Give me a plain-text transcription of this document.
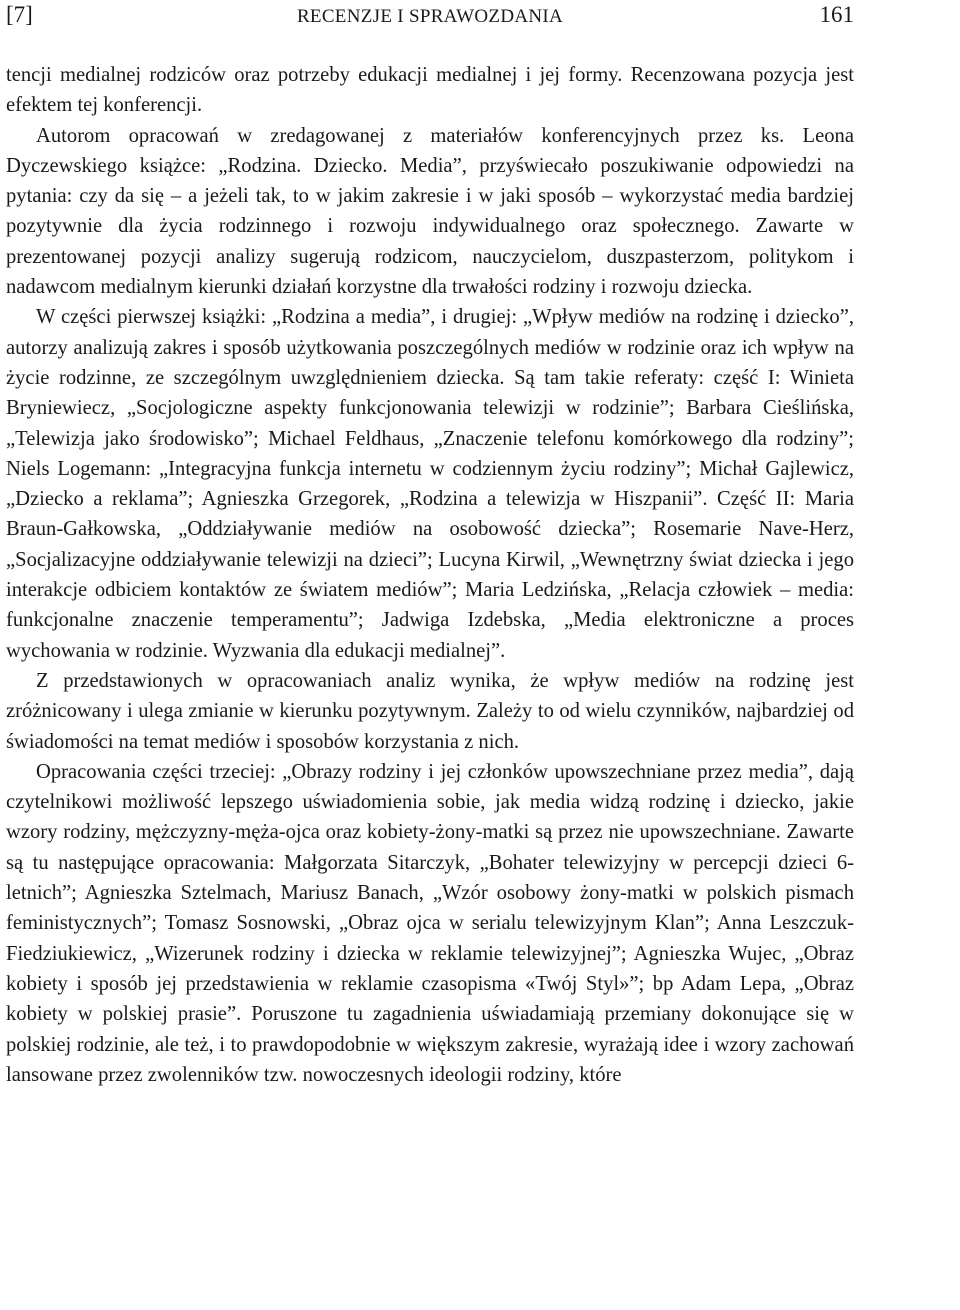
[7]	RECENZJE I SPRAWOZDANIA	161

tencji medialnej rodziców oraz potrzeby edukacji medialnej i jej formy. Recenzowana pozycja jest efektem tej konferencji.

Autorom opracowań w zredagowanej z materiałów konferencyjnych przez ks. Leona Dyczewskiego książce: „Rodzina. Dziecko. Media”, przyświecało poszukiwanie odpowiedzi na pytania: czy da się – a jeżeli tak, to w jakim zakresie i w jaki sposób – wykorzystać media bardziej pozytywnie dla życia rodzinnego i rozwoju indywidualnego oraz społecznego. Zawarte w prezentowanej pozycji analizy sugerują rodzicom, nauczycielom, duszpasterzom, politykom i nadawcom medialnym kierunki działań korzystne dla trwałości rodziny i rozwoju dziecka.

W części pierwszej książki: „Rodzina a media”, i drugiej: „Wpływ mediów na rodzinę i dziecko”, autorzy analizują zakres i sposób użytkowania poszczególnych mediów w rodzinie oraz ich wpływ na życie rodzinne, ze szczególnym uwzględnieniem dziecka. Są tam takie referaty: część I: Winieta Bryniewiecz, „Socjologiczne aspekty funkcjonowania telewizji w rodzinie”; Barbara Cieślińska, „Telewizja jako środowisko”; Michael Feldhaus, „Znaczenie telefonu komórkowego dla rodziny”; Niels Logemann: „Integracyjna funkcja internetu w codziennym życiu rodziny”; Michał Gajlewicz, „Dziecko a reklama”; Agnieszka Grzegorek, „Rodzina a telewizja w Hiszpanii”. Część II: Maria Braun-Gałkowska, „Oddziaływanie mediów na osobowość dziecka”; Rosemarie Nave-Herz, „Socjalizacyjne oddziaływanie telewizji na dzieci”; Lucyna Kirwil, „Wewnętrzny świat dziecka i jego interakcje odbiciem kontaktów ze światem mediów”; Maria Ledzińska, „Relacja człowiek – media: funkcjonalne znaczenie temperamentu”; Jadwiga Izdebska, „Media elektroniczne a proces wychowania w rodzinie. Wyzwania dla edukacji medialnej”.

Z przedstawionych w opracowaniach analiz wynika, że wpływ mediów na rodzinę jest zróżnicowany i ulega zmianie w kierunku pozytywnym. Zależy to od wielu czynników, najbardziej od świadomości na temat mediów i sposobów korzystania z nich.

Opracowania części trzeciej: „Obrazy rodziny i jej członków upowszechniane przez media”, dają czytelnikowi możliwość lepszego uświadomienia sobie, jak media widzą rodzinę i dziecko, jakie wzory rodziny, mężczyzny-męża-ojca oraz kobiety-żony-matki są przez nie upowszechniane. Zawarte są tu następujące opracowania: Małgorzata Sitarczyk, „Bohater telewizyjny w percepcji dzieci 6-letnich”; Agnieszka Sztelmach, Mariusz Banach, „Wzór osobowy żony-matki w polskich pismach feministycznych”; Tomasz Sosnowski, „Obraz ojca w serialu telewizyjnym Klan”; Anna Leszczuk-Fiedziukiewicz, „Wizerunek rodziny i dziecka w reklamie telewizyjnej”; Agnieszka Wujec, „Obraz kobiety i sposób jej przedstawienia w reklamie czasopisma «Twój Styl»”; bp Adam Lepa, „Obraz kobiety w polskiej prasie”. Poruszone tu zagadnienia uświadamiają przemiany dokonujące się w polskiej rodzinie, ale też, i to prawdopodobnie w większym zakresie, wyrażają idee i wzory zachowań lansowane przez zwolenników tzw. nowoczesnych ideologii rodziny, które
